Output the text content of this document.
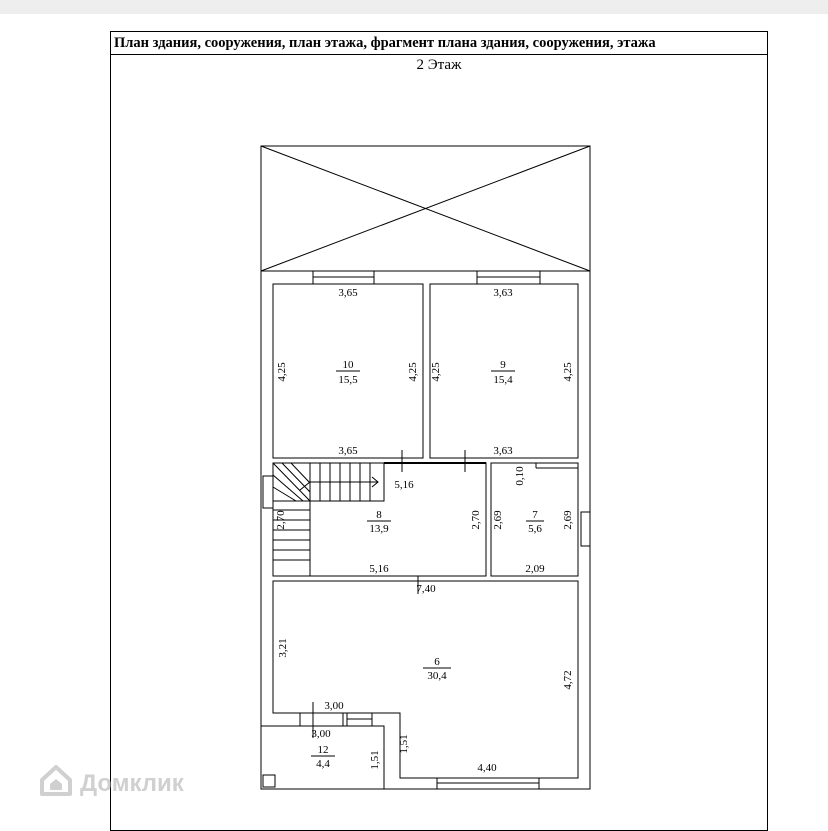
План здания, сооружения, план этажа, фрагмент плана здания, сооружения, этажа
2 Этаж
10
15,5
9
15,4
8
13,9
7
5,6
6
30,4
12
4,4
3,65
3,65
3,63
3,63
5,16
5,16	2,09
7,40
4,40
3,00
3,00
4,25	4,25 4,25	4,25
2,70	2,70
0,10
2,69	2,69
3,21
4,72
1,51
1,51
Домклик
